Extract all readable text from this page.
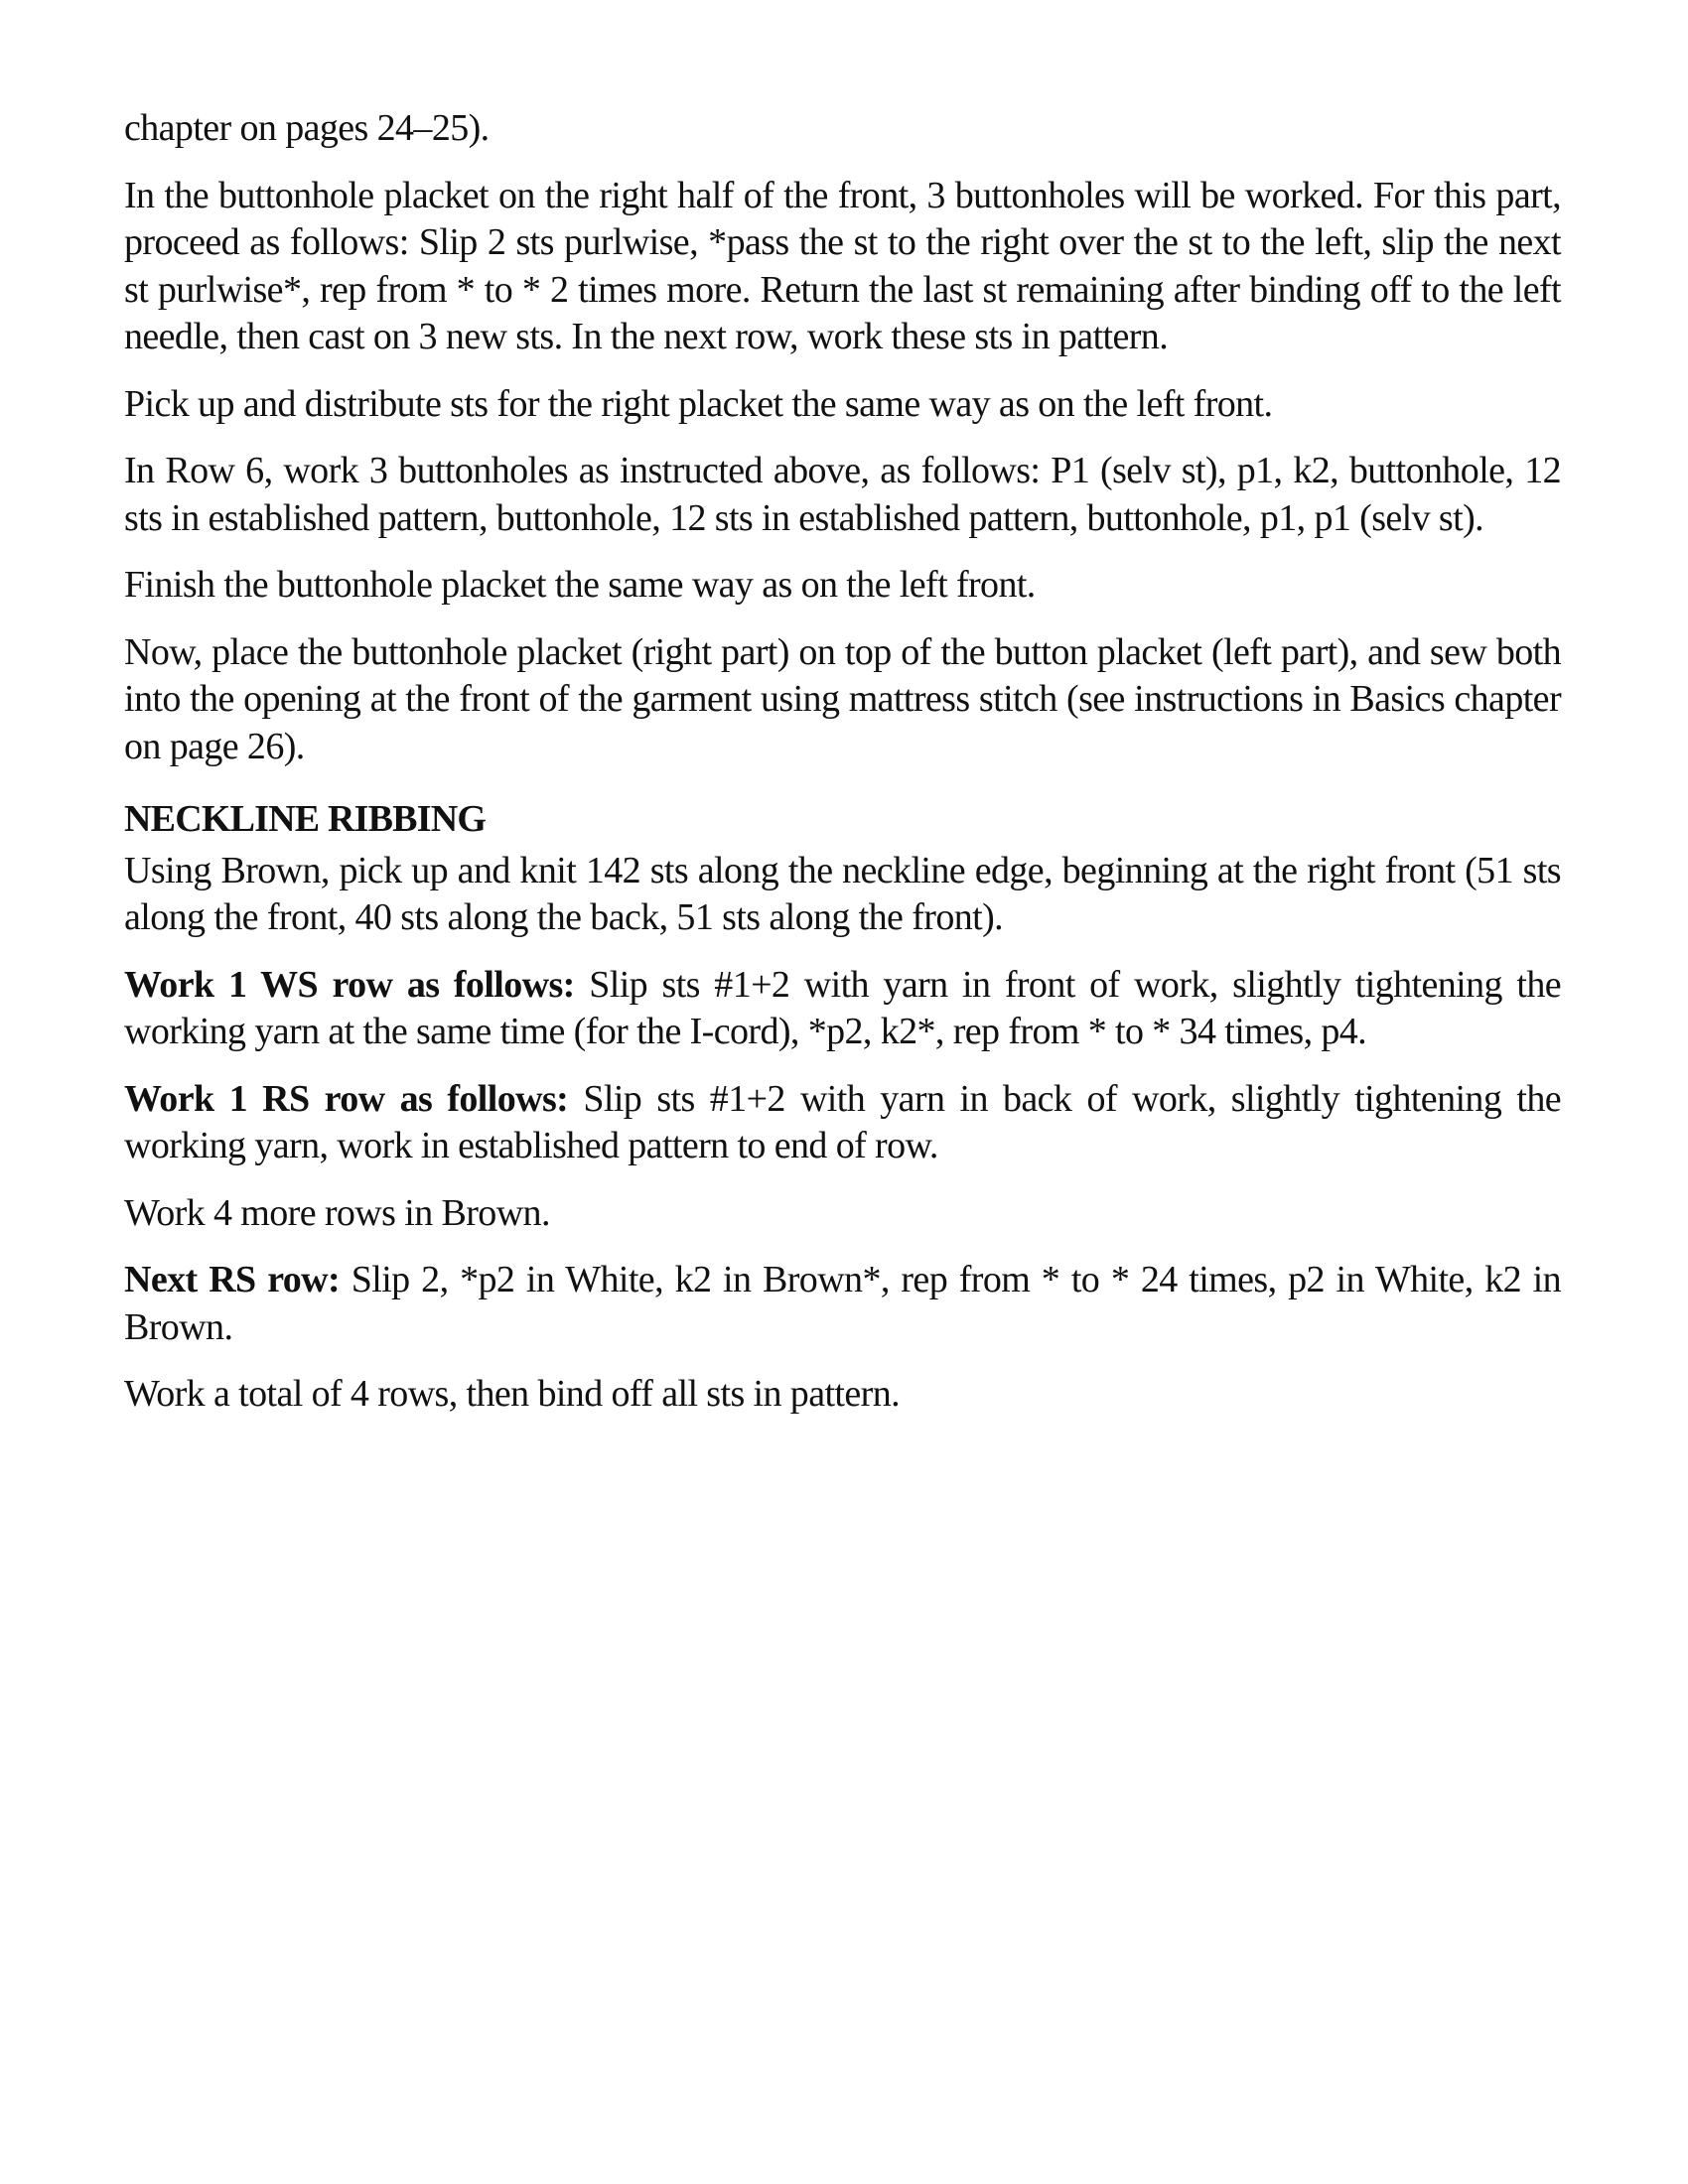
chapter on pages 24–25).

In the buttonhole placket on the right half of the front, 3 buttonholes will be worked. For this part, proceed as follows: Slip 2 sts purlwise, *pass the st to the right over the st to the left, slip the next st purlwise*, rep from * to * 2 times more. Return the last st remaining after binding off to the left needle, then cast on 3 new sts. In the next row, work these sts in pattern.

Pick up and distribute sts for the right placket the same way as on the left front.

In Row 6, work 3 buttonholes as instructed above, as follows: P1 (selv st), p1, k2, buttonhole, 12 sts in established pattern, buttonhole, 12 sts in established pattern, buttonhole, p1, p1 (selv st).

Finish the buttonhole placket the same way as on the left front.

Now, place the buttonhole placket (right part) on top of the button placket (left part), and sew both into the opening at the front of the garment using mattress stitch (see instructions in Basics chapter on page 26).

NECKLINE RIBBING

Using Brown, pick up and knit 142 sts along the neckline edge, beginning at the right front (51 sts along the front, 40 sts along the back, 51 sts along the front).

Work 1 WS row as follows: Slip sts #1+2 with yarn in front of work, slightly tightening the working yarn at the same time (for the I-cord), *p2, k2*, rep from * to * 34 times, p4.

Work 1 RS row as follows: Slip sts #1+2 with yarn in back of work, slightly tightening the working yarn, work in established pattern to end of row.

Work 4 more rows in Brown.

Next RS row: Slip 2, *p2 in White, k2 in Brown*, rep from * to * 24 times, p2 in White, k2 in Brown.

Work a total of 4 rows, then bind off all sts in pattern.
